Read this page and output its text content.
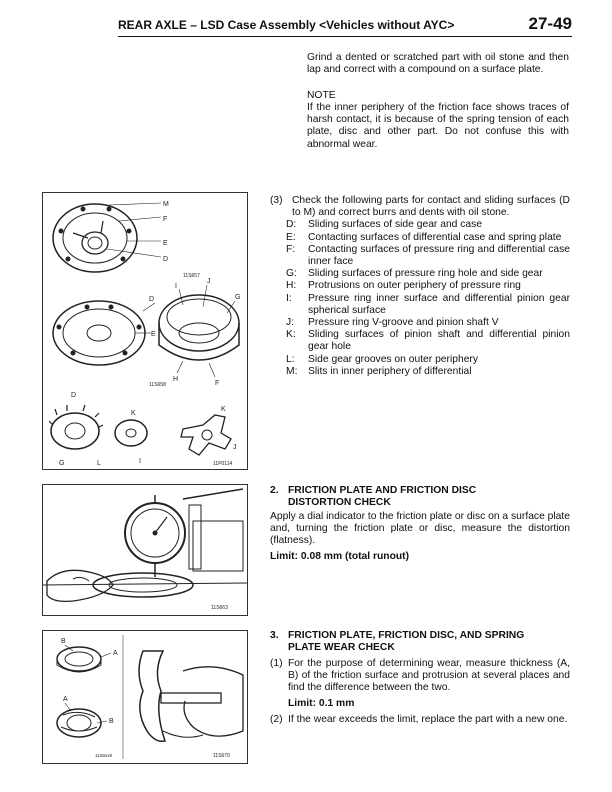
REAR AXLE – LSD Case Assembly <Vehicles without AYC>	27-49
Grind a dented or scratched part with oil stone and then lap and correct with a compound on a surface plate.
NOTE
If the inner periphery of the friction face shows traces of harsh contact, it is because of the spring tension of each plate, disc and other part. Do not confuse this with abnormal wear.
M
F
E
D
11S657
D
E
I
J
G
H
F
11S658
D
K
K
I
G	L
J
11P0114
(3) Check the following parts for contact and sliding surfaces (D to M) and correct burrs and dents with oil stone.
D:	Sliding surfaces of side gear and case
E:	Contacting surfaces of differential case and spring plate
F:	Contacting surfaces of pressure ring and differential case inner face
G:	Sliding surfaces of pressure ring hole and side gear
H:	Protrusions on outer periphery of pressure ring
I:	Pressure ring inner surface and differential pinion gear spherical surface
J:	Pressure ring V-groove and pinion shaft V
K:	Sliding surfaces of pinion shaft and differential pinion gear hole
L:	Side gear grooves on outer periphery
M:	Slits in inner periphery of differential
11S663
2. FRICTION PLATE AND FRICTION DISC
DISTORTION CHECK
Apply a dial indicator to the friction plate or disc on a surface plate and, turning the friction plate or disc, measure the distortion (flatness).
Limit: 0.08 mm (total runout)
B
A
A
B
11S0xx0	11S670
3. FRICTION PLATE, FRICTION DISC, AND SPRING
PLATE WEAR CHECK
(1) For the purpose of determining wear, measure thickness (A, B) of the friction surface and protrusion at several places and find the difference between the two.
Limit: 0.1 mm
(2) If the wear exceeds the limit, replace the part with a new one.
